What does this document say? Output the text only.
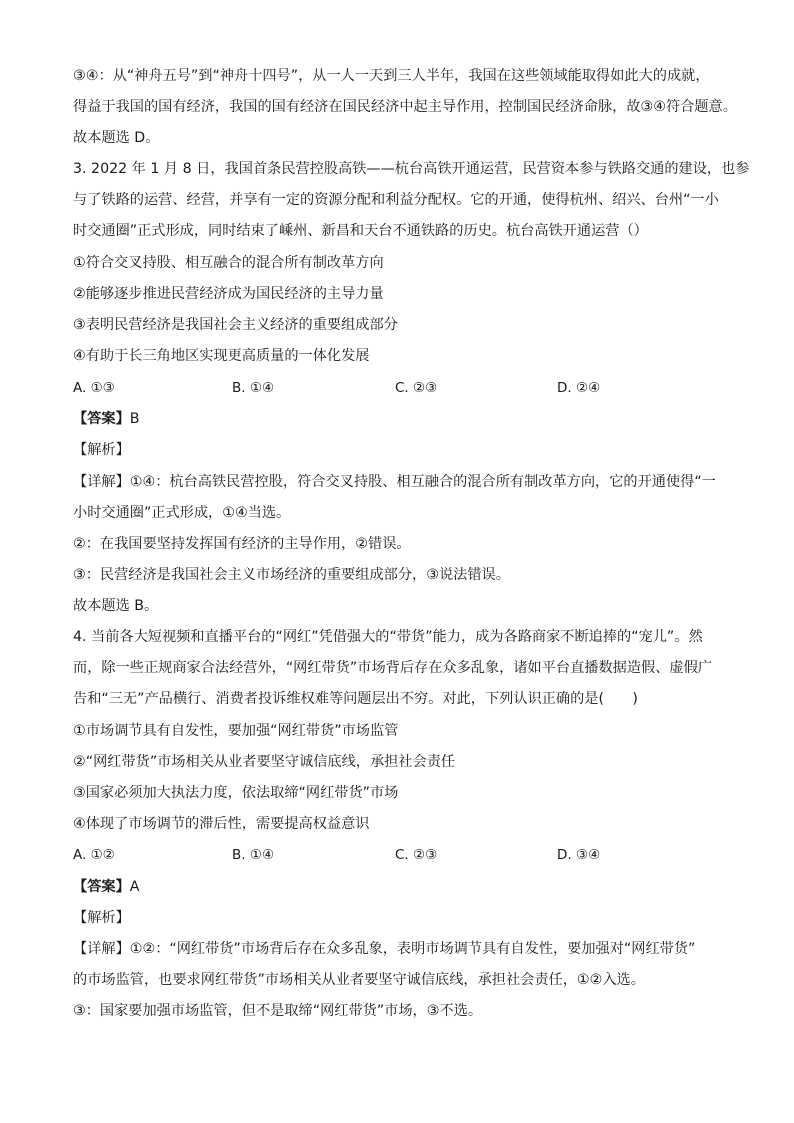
③④：从“神舟五号”到“神舟十四号”，从一人一天到三人半年，我国在这些领域能取得如此大的成就，
得益于我国的国有经济，我国的国有经济在国民经济中起主导作用，控制国民经济命脉，故③④符合题意。
故本题选 D。
3. 2022 年 1 月 8 日，我国首条民营控股高铁——杭台高铁开通运营，民营资本参与铁路交通的建设，也参
与了铁路的运营、经营，并享有一定的资源分配和利益分配权。它的开通，使得杭州、绍兴、台州“一小
时交通圈”正式形成，同时结束了嵊州、新昌和天台不通铁路的历史。杭台高铁开通运营（）
①符合交叉持股、相互融合的混合所有制改革方向
②能够逐步推进民营经济成为国民经济的主导力量
③表明民营经济是我国社会主义经济的重要组成部分
④有助于长三角地区实现更高质量的一体化发展
A. ①③	B. ①④	C. ②③	D. ②④
【答案】B
【解析】
【详解】①④：杭台高铁民营控股，符合交叉持股、相互融合的混合所有制改革方向，它的开通使得“一
小时交通圈”正式形成，①④当选。
②：在我国要坚持发挥国有经济的主导作用，②错误。
③：民营经济是我国社会主义市场经济的重要组成部分，③说法错误。
故本题选 B。
4. 当前各大短视频和直播平台的“网红”凭借强大的“带货”能力，成为各路商家不断追捧的“宠儿”。然
而，除一些正规商家合法经营外，“网红带货”市场背后存在众多乱象，诸如平台直播数据造假、虚假广
告和“三无”产品横行、消费者投诉维权难等问题层出不穷。对此，下列认识正确的是(　　)
①市场调节具有自发性，要加强“网红带货”市场监管
②“网红带货”市场相关从业者要坚守诚信底线，承担社会责任
③国家必须加大执法力度，依法取缔“网红带货”市场
④体现了市场调节的滞后性，需要提高权益意识
A. ①②	B. ①④	C. ②③	D. ③④
【答案】A
【解析】
【详解】①②：“网红带货”市场背后存在众多乱象，表明市场调节具有自发性，要加强对“网红带货”
的市场监管，也要求网红带货”市场相关从业者要坚守诚信底线，承担社会责任，①②入选。
③：国家要加强市场监管，但不是取缔“网红带货”市场，③不选。
